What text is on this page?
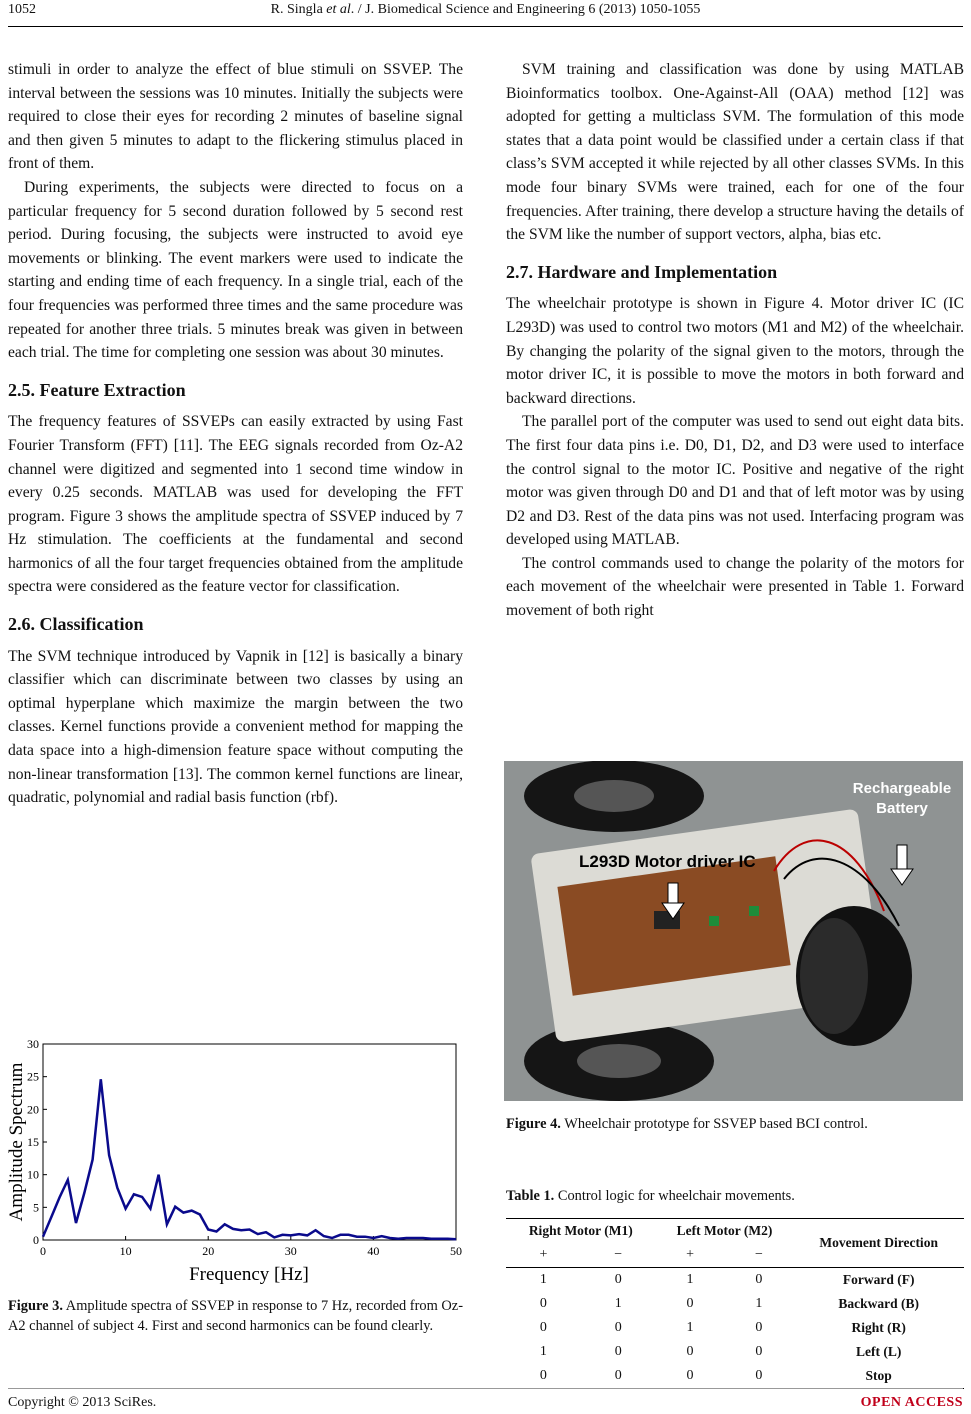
1052	R. Singla et al. / J. Biomedical Science and Engineering 6 (2013) 1050-1055

stimuli in order to analyze the effect of blue stimuli on SSVEP. The interval between the sessions was 10 minutes. Initially the subjects were required to close their eyes for recording 2 minutes of baseline signal and then given 5 minutes to adapt to the flickering stimulus placed in front of them.

During experiments, the subjects were directed to focus on a particular frequency for 5 second duration followed by 5 second rest period. During focusing, the subjects were instructed to avoid eye movements or blinking. The event markers were used to indicate the starting and ending time of each frequency. In a single trial, each of the four frequencies was performed three times and the same procedure was repeated for another three trials. 5 minutes break was given in between each trial. The time for completing one session was about 30 minutes.

2.5. Feature Extraction

The frequency features of SSVEPs can easily extracted by using Fast Fourier Transform (FFT) [11]. The EEG signals recorded from Oz-A2 channel were digitized and segmented into 1 second time window in every 0.25 seconds. MATLAB was used for developing the FFT program. Figure 3 shows the amplitude spectra of SSVEP induced by 7 Hz stimulation. The coefficients at the fundamental and second harmonics of all the four target frequencies obtained from the amplitude spectra were considered as the feature vector for classification.

2.6. Classification

The SVM technique introduced by Vapnik in [12] is basically a binary classifier which can discriminate between two classes by using an optimal hyperplane which maximize the margin between the two classes. Kernel functions provide a convenient method for mapping the data space into a high-dimension feature space without computing the non-linear transformation [13]. The common kernel functions are linear, quadratic, polynomial and radial basis function (rbf).

0
5
10
15
20
25
30
0	10	20	30	40	50
Amplitude Spectrum
Frequency [Hz]
Figure 3. Amplitude spectra of SSVEP in response to 7 Hz, recorded from Oz-A2 channel of subject 4. First and second harmonics can be found clearly.

SVM training and classification was done by using MATLAB Bioinformatics toolbox. One-Against-All (OAA) method [12] was adopted for getting a multiclass SVM. The formulation of this mode states that a data point would be classified under a certain class if that class’s SVM accepted it while rejected by all other classes SVMs. In this mode four binary SVMs were trained, each for one of the four frequencies. After training, there develop a structure having the details of the SVM like the number of support vectors, alpha, bias etc.

2.7. Hardware and Implementation

The wheelchair prototype is shown in Figure 4. Motor driver IC (IC L293D) was used to control two motors (M1 and M2) of the wheelchair. By changing the polarity of the signal given to the motors, through the motor driver IC, it is possible to move the motors in both forward and backward directions.

The parallel port of the computer was used to send out eight data bits. The first four data pins i.e. D0, D1, D2, and D3 were used to interface the control signal to the motor IC. Positive and negative of the right motor was given through D0 and D1 and that of left motor was by using D2 and D3. Rest of the data pins was not used. Interfacing program was developed using MATLAB.

The control commands used to change the polarity of the motors for each movement of the wheelchair were presented in Table 1. Forward movement of both right

L293D Motor driver IC
Rechargeable
Battery
Figure 4. Wheelchair prototype for SSVEP based BCI control.
Table 1. Control logic for wheelchair movements.
Right Motor (M1)		Left Motor (M2)		Movement Direction
+	−	+	−	
1	0	1	0	Forward (F)
0	1	0	1	Backward (B)
0	0	1	0	Right (R)
1	0	0	0	Left (L)
0	0	0	0	Stop
Copyright © 2013 SciRes.	OPEN ACCESS
